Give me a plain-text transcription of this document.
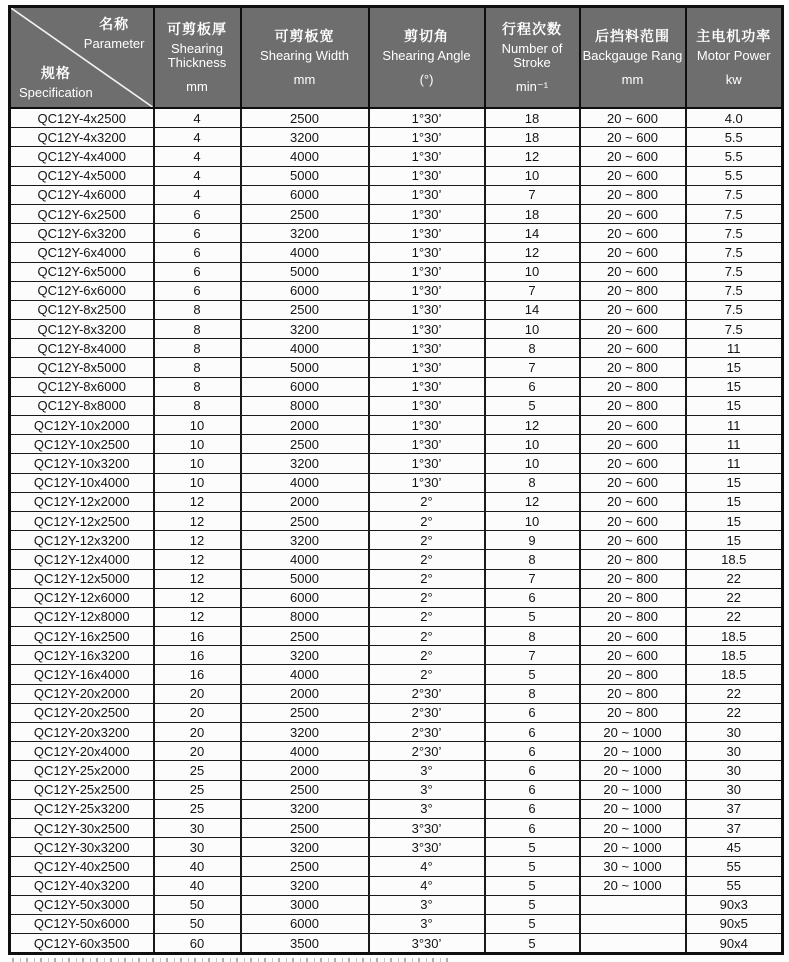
名称
Parameter
规格
Specification

可剪板厚
Shearing Thickness
mm

可剪板宽
Shearing Width
mm

剪切角
Shearing Angle
(°)

行程次数
Number of Stroke
min⁻¹

后挡料范围
Backgauge Rang
mm

主电机功率
Motor Power
kw

QC12Y-4x2500	4	2500	1°30’	18	20 ~ 600	4.0
QC12Y-4x3200	4	3200	1°30’	18	20 ~ 600	5.5
QC12Y-4x4000	4	4000	1°30’	12	20 ~ 600	5.5
QC12Y-4x5000	4	5000	1°30’	10	20 ~ 600	5.5
QC12Y-4x6000	4	6000	1°30’	7	20 ~ 800	7.5
QC12Y-6x2500	6	2500	1°30’	18	20 ~ 600	7.5
QC12Y-6x3200	6	3200	1°30’	14	20 ~ 600	7.5
QC12Y-6x4000	6	4000	1°30’	12	20 ~ 600	7.5
QC12Y-6x5000	6	5000	1°30’	10	20 ~ 600	7.5
QC12Y-6x6000	6	6000	1°30’	7	20 ~ 800	7.5
QC12Y-8x2500	8	2500	1°30’	14	20 ~ 600	7.5
QC12Y-8x3200	8	3200	1°30’	10	20 ~ 600	7.5
QC12Y-8x4000	8	4000	1°30’	8	20 ~ 600	11
QC12Y-8x5000	8	5000	1°30’	7	20 ~ 800	15
QC12Y-8x6000	8	6000	1°30’	6	20 ~ 800	15
QC12Y-8x8000	8	8000	1°30’	5	20 ~ 800	15
QC12Y-10x2000	10	2000	1°30’	12	20 ~ 600	11
QC12Y-10x2500	10	2500	1°30’	10	20 ~ 600	11
QC12Y-10x3200	10	3200	1°30’	10	20 ~ 600	11
QC12Y-10x4000	10	4000	1°30’	8	20 ~ 600	15
QC12Y-12x2000	12	2000	2°	12	20 ~ 600	15
QC12Y-12x2500	12	2500	2°	10	20 ~ 600	15
QC12Y-12x3200	12	3200	2°	9	20 ~ 600	15
QC12Y-12x4000	12	4000	2°	8	20 ~ 800	18.5
QC12Y-12x5000	12	5000	2°	7	20 ~ 800	22
QC12Y-12x6000	12	6000	2°	6	20 ~ 800	22
QC12Y-12x8000	12	8000	2°	5	20 ~ 800	22
QC12Y-16x2500	16	2500	2°	8	20 ~ 600	18.5
QC12Y-16x3200	16	3200	2°	7	20 ~ 600	18.5
QC12Y-16x4000	16	4000	2°	5	20 ~ 800	18.5
QC12Y-20x2000	20	2000	2°30’	8	20 ~ 800	22
QC12Y-20x2500	20	2500	2°30’	6	20 ~ 800	22
QC12Y-20x3200	20	3200	2°30’	6	20 ~ 1000	30
QC12Y-20x4000	20	4000	2°30’	6	20 ~ 1000	30
QC12Y-25x2000	25	2000	3°	6	20 ~ 1000	30
QC12Y-25x2500	25	2500	3°	6	20 ~ 1000	30
QC12Y-25x3200	25	3200	3°	6	20 ~ 1000	37
QC12Y-30x2500	30	2500	3°30’	6	20 ~ 1000	37
QC12Y-30x3200	30	3200	3°30’	5	20 ~ 1000	45
QC12Y-40x2500	40	2500	4°	5	30 ~ 1000	55
QC12Y-40x3200	40	3200	4°	5	20 ~ 1000	55
QC12Y-50x3000	50	3000	3°	5		90x3
QC12Y-50x6000	50	6000	3°	5		90x5
QC12Y-60x3500	60	3500	3°30’	5		90x4
